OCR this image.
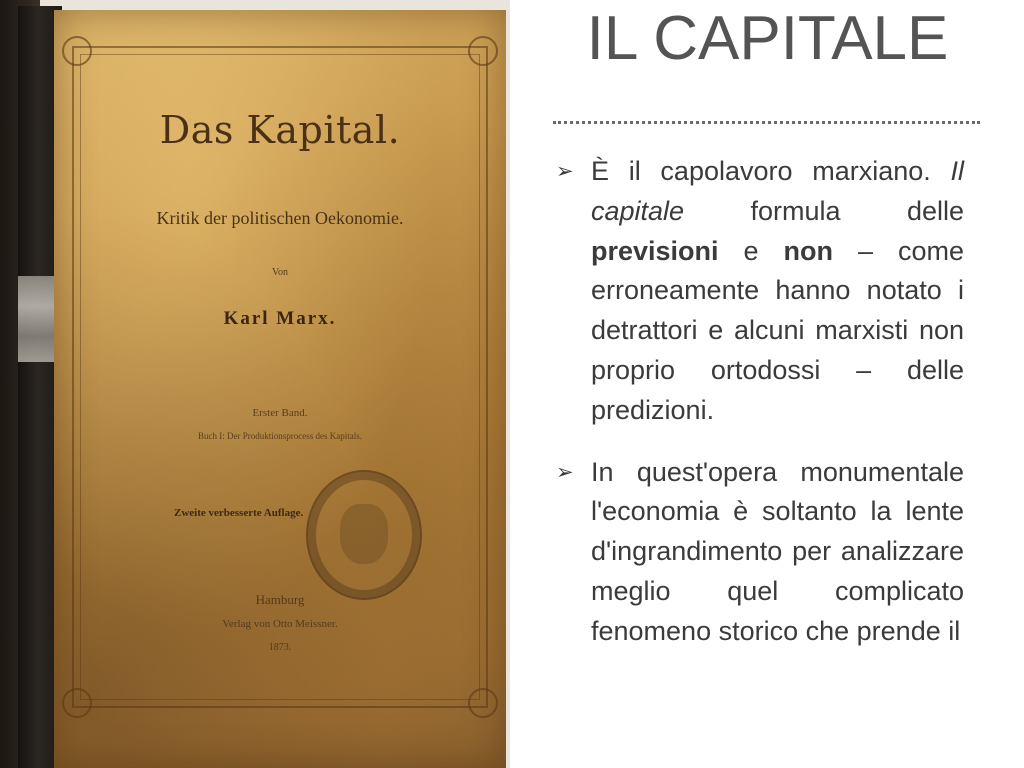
Das Kapital.
Kritik der politischen Oekonomie.
Von
Karl Marx.
Erster Band.
Buch I: Der Produktionsprocess des Kapitals.
Zweite verbesserte Auflage.
Hamburg
Verlag von Otto Meissner.
1873.
IL CAPITALE
➢ È il capolavoro marxiano. Il capitale formula delle previsioni e non – come erroneamente hanno notato i detrattori e alcuni marxisti non proprio ortodossi – delle predizioni.
➢ In quest'opera monumentale l'economia è soltanto la lente d'ingrandimento per analizzare meglio quel complicato fenomeno storico che prende il
